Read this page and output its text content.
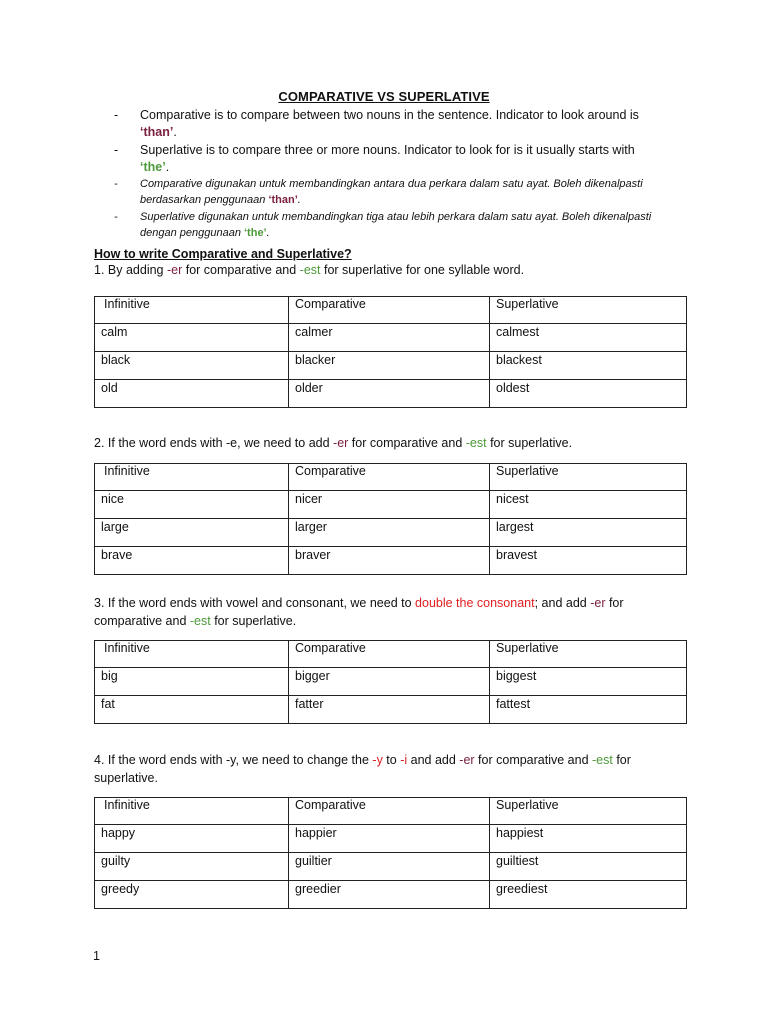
COMPARATIVE VS SUPERLATIVE

- Comparative is to compare between two nouns in the sentence. Indicator to look around is
‘than’.

- Superlative is to compare three or more nouns. Indicator to look for is it usually starts with
‘the’.

- Comparative digunakan untuk membandingkan antara dua perkara dalam satu ayat. Boleh dikenalpasti berdasarkan penggunaan ‘than’.

- Superlative digunakan untuk membandingkan tiga atau lebih perkara dalam satu ayat. Boleh dikenalpasti dengan penggunaan ‘the’.

How to write Comparative and Superlative?
1. By adding -er for comparative and -est for superlative for one syllable word.
Infinitive	Comparative	Superlative
calm	calmer	calmest
black	blacker	blackest
old	older	oldest
2. If the word ends with -e, we need to add -er for comparative and -est for superlative.
Infinitive	Comparative	Superlative
nice	nicer	nicest
large	larger	largest
brave	braver	bravest
3. If the word ends with vowel and consonant, we need to double the consonant; and add -er for comparative and -est for superlative.
Infinitive	Comparative	Superlative
big	bigger	biggest
fat	fatter	fattest
4. If the word ends with -y, we need to change the -y to -i and add -er for comparative and -est for superlative.
Infinitive	Comparative	Superlative
happy	happier	happiest
guilty	guiltier	guiltiest
greedy	greedier	greediest
1
